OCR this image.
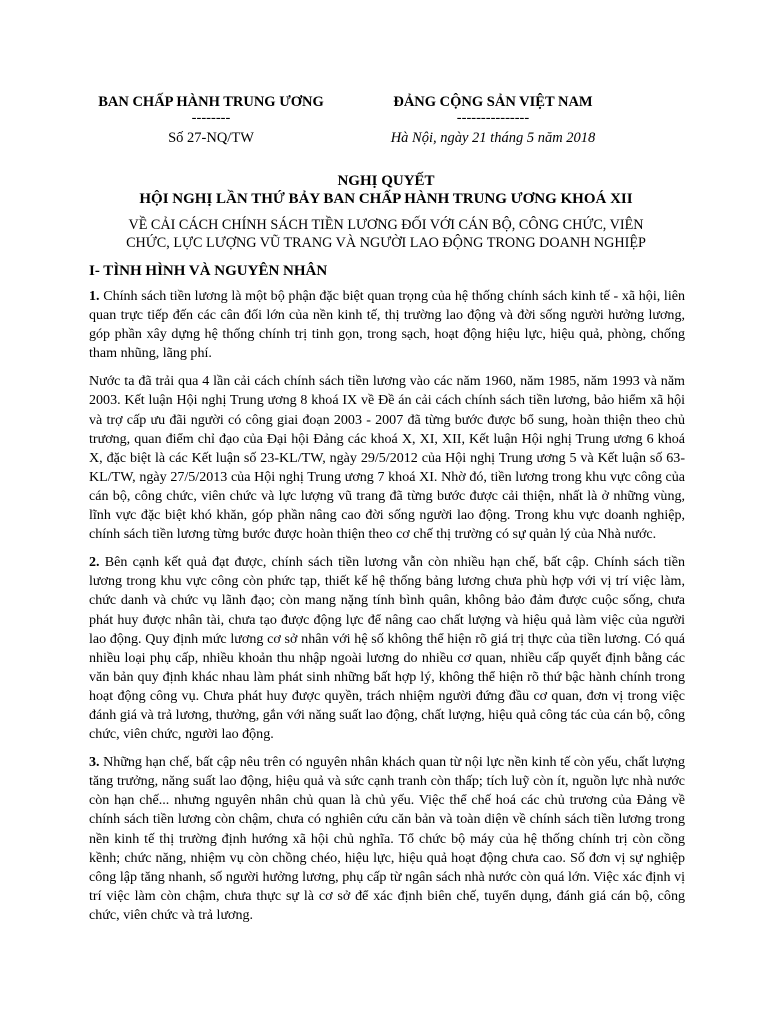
BAN CHẤP HÀNH TRUNG ƯƠNG
--------
Số 27-NQ/TW
ĐẢNG CỘNG SẢN VIỆT NAM
---------------
Hà Nội, ngày 21 tháng 5 năm 2018
NGHỊ QUYẾT
HỘI NGHỊ LẦN THỨ BẢY BAN CHẤP HÀNH TRUNG ƯƠNG KHOÁ XII
VỀ CẢI CÁCH CHÍNH SÁCH TIỀN LƯƠNG ĐỐI VỚI CÁN BỘ, CÔNG CHỨC, VIÊN
CHỨC, LỰC LƯỢNG VŨ TRANG VÀ NGƯỜI LAO ĐỘNG TRONG DOANH NGHIỆP
I- TÌNH HÌNH VÀ NGUYÊN NHÂN

1. Chính sách tiền lương là một bộ phận đặc biệt quan trọng của hệ thống chính sách kinh tế - xã hội, liên quan trực tiếp đến các cân đối lớn của nền kinh tế, thị trường lao động và đời sống người hưởng lương, góp phần xây dựng hệ thống chính trị tinh gọn, trong sạch, hoạt động hiệu lực, hiệu quả, phòng, chống tham nhũng, lãng phí.

Nước ta đã trải qua 4 lần cải cách chính sách tiền lương vào các năm 1960, năm 1985, năm 1993 và năm 2003. Kết luận Hội nghị Trung ương 8 khoá IX về Đề án cải cách chính sách tiền lương, bảo hiểm xã hội và trợ cấp ưu đãi người có công giai đoạn 2003 - 2007 đã từng bước được bổ sung, hoàn thiện theo chủ trương, quan điểm chỉ đạo của Đại hội Đảng các khoá X, XI, XII, Kết luận Hội nghị Trung ương 6 khoá X, đặc biệt là các Kết luận số 23-KL/TW, ngày 29/5/2012 của Hội nghị Trung ương 5 và Kết luận số 63-KL/TW, ngày 27/5/2013 của Hội nghị Trung ương 7 khoá XI. Nhờ đó, tiền lương trong khu vực công của cán bộ, công chức, viên chức và lực lượng vũ trang đã từng bước được cải thiện, nhất là ở những vùng, lĩnh vực đặc biệt khó khăn, góp phần nâng cao đời sống người lao động. Trong khu vực doanh nghiệp, chính sách tiền lương từng bước được hoàn thiện theo cơ chế thị trường có sự quản lý của Nhà nước.

2. Bên cạnh kết quả đạt được, chính sách tiền lương vẫn còn nhiều hạn chế, bất cập. Chính sách tiền lương trong khu vực công còn phức tạp, thiết kế hệ thống bảng lương chưa phù hợp với vị trí việc làm, chức danh và chức vụ lãnh đạo; còn mang nặng tính bình quân, không bảo đảm được cuộc sống, chưa phát huy được nhân tài, chưa tạo được động lực để nâng cao chất lượng và hiệu quả làm việc của người lao động. Quy định mức lương cơ sở nhân với hệ số không thể hiện rõ giá trị thực của tiền lương. Có quá nhiều loại phụ cấp, nhiều khoản thu nhập ngoài lương do nhiều cơ quan, nhiều cấp quyết định bằng các văn bản quy định khác nhau làm phát sinh những bất hợp lý, không thể hiện rõ thứ bậc hành chính trong hoạt động công vụ. Chưa phát huy được quyền, trách nhiệm người đứng đầu cơ quan, đơn vị trong việc đánh giá và trả lương, thưởng, gắn với năng suất lao động, chất lượng, hiệu quả công tác của cán bộ, công chức, viên chức, người lao động.

3. Những hạn chế, bất cập nêu trên có nguyên nhân khách quan từ nội lực nền kinh tế còn yếu, chất lượng tăng trưởng, năng suất lao động, hiệu quả và sức cạnh tranh còn thấp; tích luỹ còn ít, nguồn lực nhà nước còn hạn chế... nhưng nguyên nhân chủ quan là chủ yếu. Việc thể chế hoá các chủ trương của Đảng về chính sách tiền lương còn chậm, chưa có nghiên cứu căn bản và toàn diện về chính sách tiền lương trong nền kinh tế thị trường định hướng xã hội chủ nghĩa. Tổ chức bộ máy của hệ thống chính trị còn cồng kềnh; chức năng, nhiệm vụ còn chồng chéo, hiệu lực, hiệu quả hoạt động chưa cao. Số đơn vị sự nghiệp công lập tăng nhanh, số người hưởng lương, phụ cấp từ ngân sách nhà nước còn quá lớn. Việc xác định vị trí việc làm còn chậm, chưa thực sự là cơ sở để xác định biên chế, tuyển dụng, đánh giá cán bộ, công chức, viên chức và trả lương.
